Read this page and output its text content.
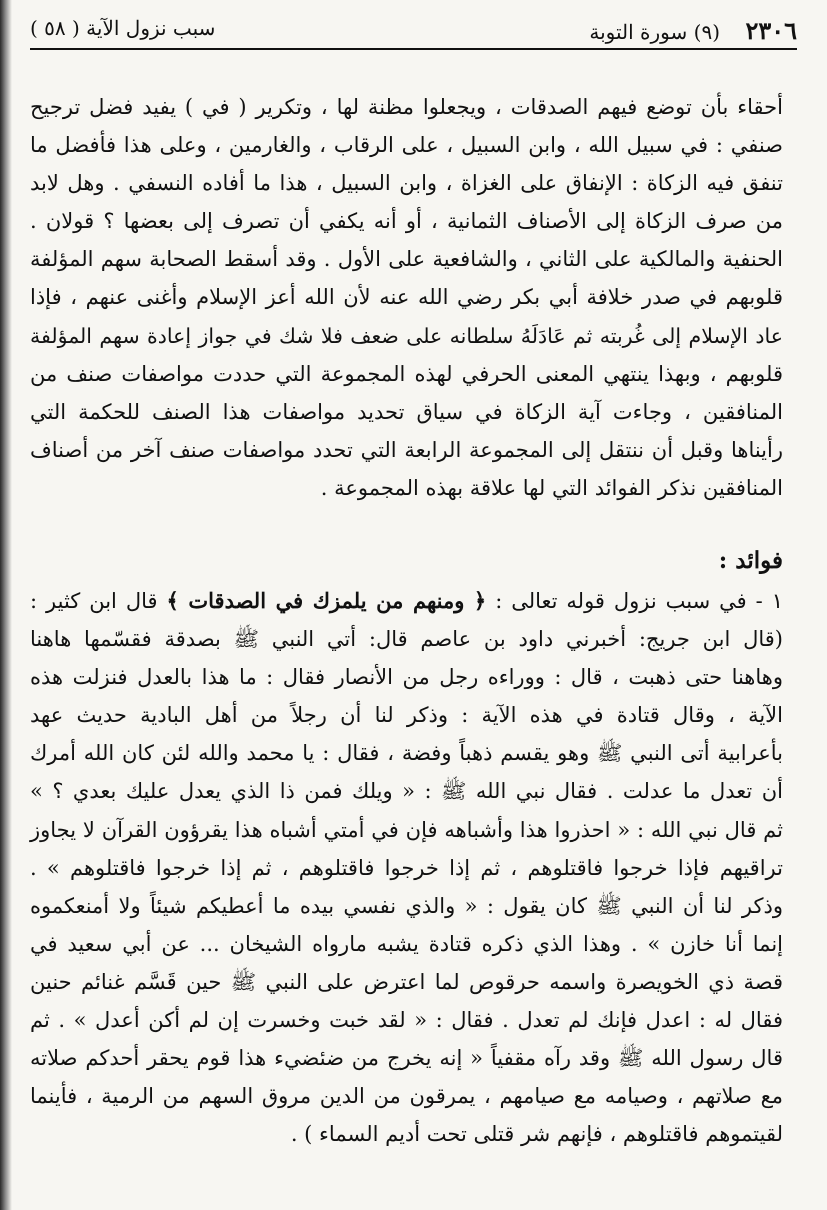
٢٣٠٦    (٩) سورة التوبة
سبب نزول الآية ( ٥٨ )
أحقاء بأن توضع فيهم الصدقات ، ويجعلوا مظنة لها ، وتكرير ( في ) يفيد فضل ترجيح
صنفي : في سبيل الله ، وابن السبيل ، على الرقاب ، والغارمين ، وعلى هذا فأفضل ما
تنفق فيه الزكاة : الإنفاق على الغزاة ، وابن السبيل ، هذا ما أفاده النسفي . وهل لابد
من صرف الزكاة إلى الأصناف الثمانية ، أو أنه يكفي أن تصرف إلى بعضها ؟ قولان .
الحنفية والمالكية على الثاني ، والشافعية على الأول . وقد أسقط الصحابة سهم المؤلفة
قلوبهم في صدر خلافة أبي بكر رضي الله عنه لأن الله أعز الإسلام وأغنى عنهم ، فإذا
عاد الإسلام إلى غُربته ثم عَادَلَهُ سلطانه على ضعف فلا شك في جواز إعادة سهم المؤلفة
قلوبهم ، وبهذا ينتهي المعنى الحرفي لهذه المجموعة التي حددت مواصفات صنف من
المنافقين ، وجاءت آية الزكاة في سياق تحديد مواصفات هذا الصنف للحكمة التي
رأيناها وقبل أن ننتقل إلى المجموعة الرابعة التي تحدد مواصفات صنف آخر من أصناف
المنافقين نذكر الفوائد التي لها علاقة بهذه المجموعة .
فوائد :
١ - في سبب نزول قوله تعالى : ﴿ ومنهم من يلمزك في الصدقات ﴾ قال ابن كثير :
(قال ابن جريج: أخبرني داود بن عاصم قال: أتي النبي ﷺ بصدقة فقسّمها هاهنا
وهاهنا حتى ذهبت ، قال : ووراءه رجل من الأنصار فقال : ما هذا بالعدل فنزلت هذه
الآية ، وقال قتادة في هذه الآية : وذكر لنا أن رجلاً من أهل البادية حديث عهد
بأعرابية أتى النبي ﷺ وهو يقسم ذهباً وفضة ، فقال : يا محمد والله لئن كان الله أمرك
أن تعدل ما عدلت . فقال نبي الله ﷺ : « ويلك فمن ذا الذي يعدل عليك بعدي ؟ »
ثم قال نبي الله : « احذروا هذا وأشباهه فإن في أمتي أشباه هذا يقرؤون القرآن لا يجاوز
تراقيهم فإذا خرجوا فاقتلوهم ، ثم إذا خرجوا فاقتلوهم ، ثم إذا خرجوا فاقتلوهم » .
وذكر لنا أن النبي ﷺ كان يقول : « والذي نفسي بيده ما أعطيكم شيئاً ولا أمنعكموه
إنما أنا خازن » . وهذا الذي ذكره قتادة يشبه مارواه الشيخان ... عن أبي سعيد في
قصة ذي الخويصرة واسمه حرقوص لما اعترض على النبي ﷺ حين قَسَّم غنائم حنين
فقال له : اعدل فإنك لم تعدل . فقال : « لقد خبت وخسرت إن لم أكن أعدل » . ثم
قال رسول الله ﷺ وقد رآه مقفياً « إنه يخرج من ضئضيء هذا قوم يحقر أحدكم صلاته
مع صلاتهم ، وصيامه مع صيامهم ، يمرقون من الدين مروق السهم من الرمية ، فأينما
لقيتموهم فاقتلوهم ، فإنهم شر قتلى تحت أديم السماء ) .
